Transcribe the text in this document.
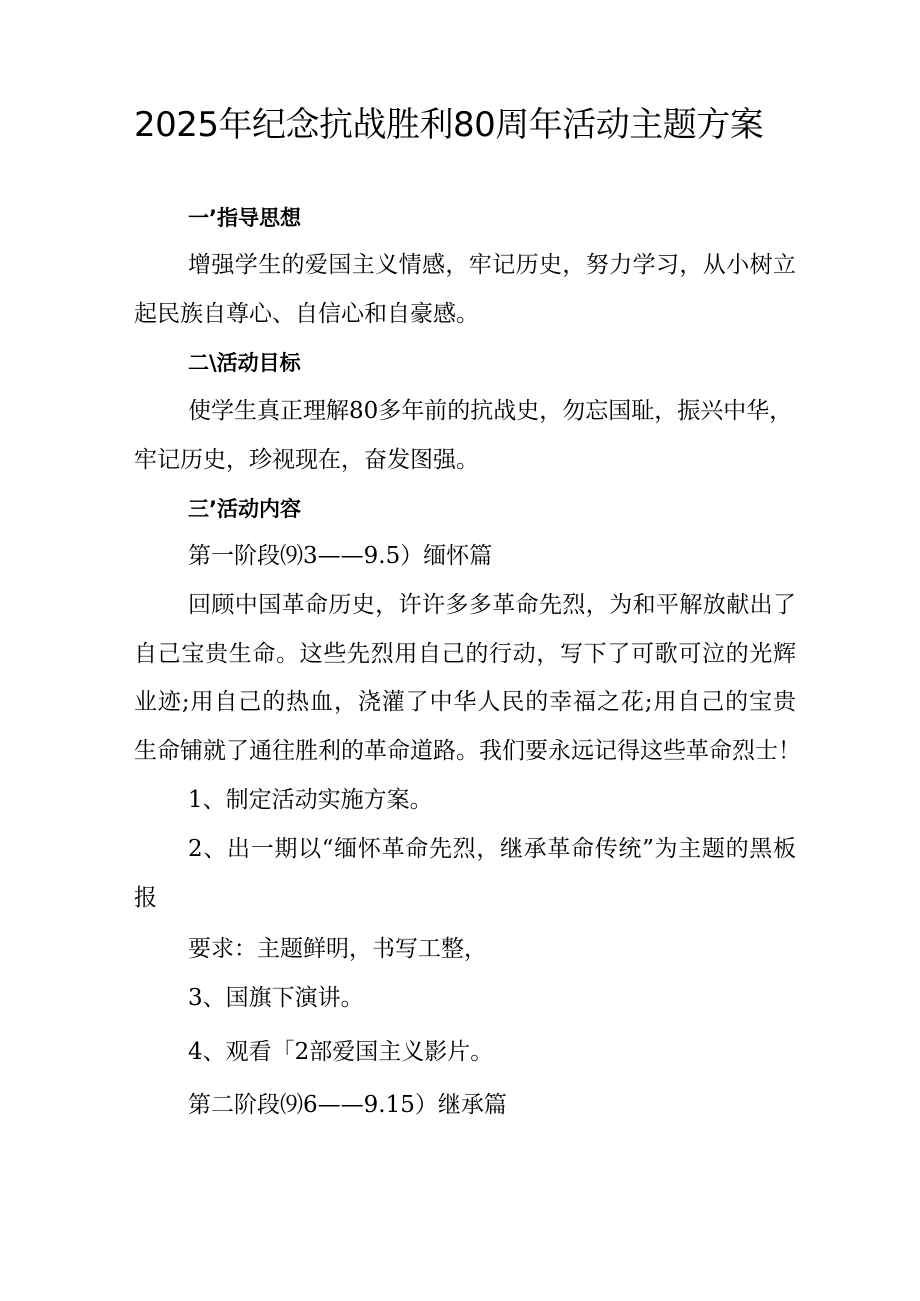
2025年纪念抗战胜利80周年活动主题方案
一’指导思想
增强学生的爱国主义情感，牢记历史，努力学习，从小树立
起民族自尊心、自信心和自豪感。
二\活动目标
使学生真正理解80多年前的抗战史，勿忘国耻，振兴中华，
牢记历史，珍视现在，奋发图强。
三’活动内容
第一阶段⑼3——9.5）缅怀篇
回顾中国革命历史，许许多多革命先烈，为和平解放献出了
自己宝贵生命。这些先烈用自己的行动，写下了可歌可泣的光辉
业迹;用自己的热血，浇灌了中华人民的幸福之花;用自己的宝贵
生命铺就了通往胜利的革命道路。我们要永远记得这些革命烈士！
1、制定活动实施方案。
2、出一期以“缅怀革命先烈，继承革命传统”为主题的黑板
报
要求：主题鲜明，书写工整，
3、国旗下演讲。
4、观看「2部爱国主义影片。
第二阶段⑼6——9.15）继承篇
